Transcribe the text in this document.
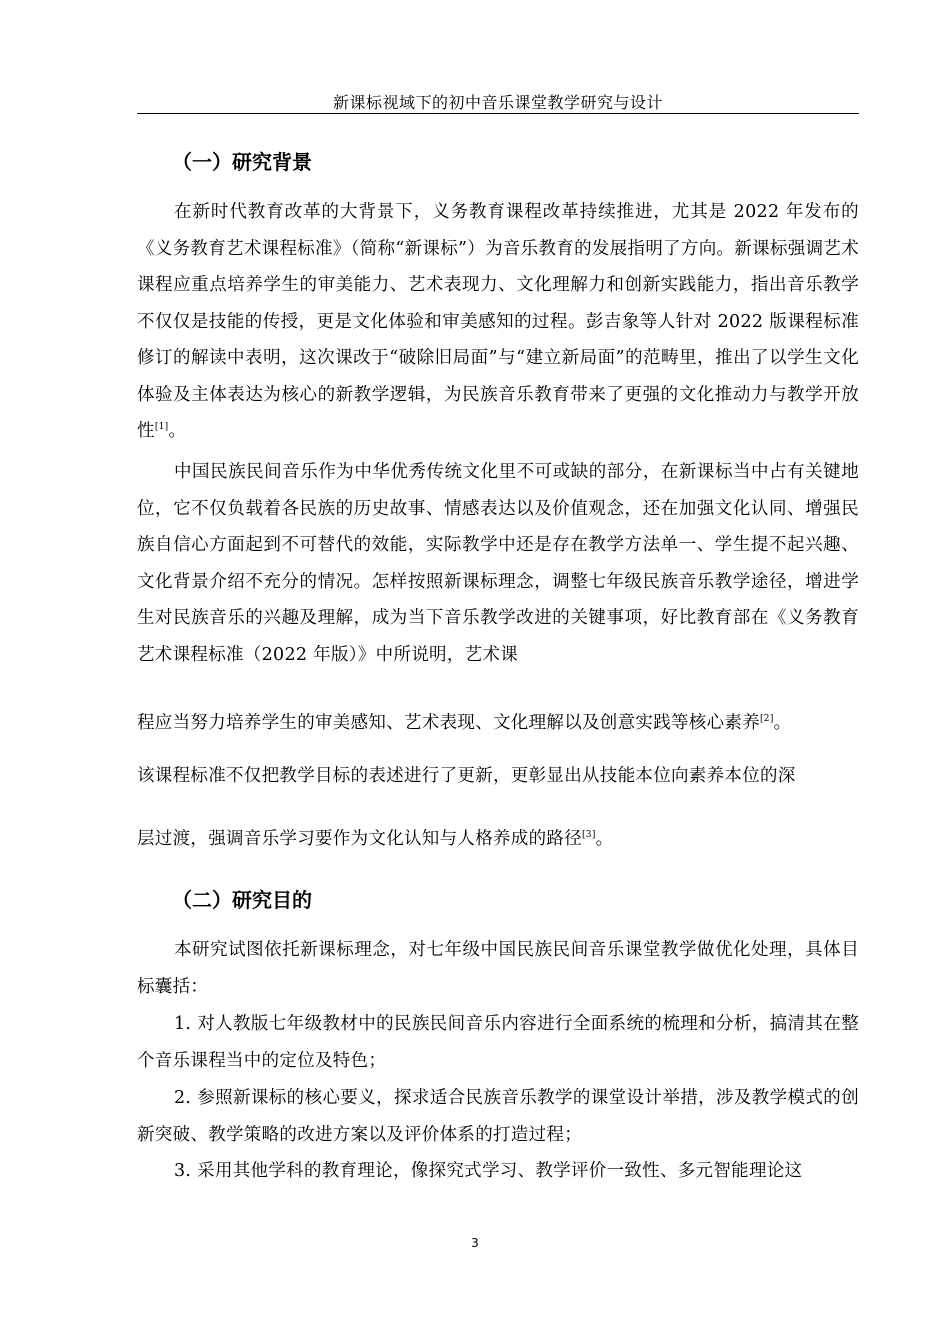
新课标视域下的初中音乐课堂教学研究与设计
（一）研究背景
在新时代教育改革的大背景下，义务教育课程改革持续推进，尤其是 2022 年发布的《义务教育艺术课程标准》（简称“新课标”）为音乐教育的发展指明了方向。新课标强调艺术课程应重点培养学生的审美能力、艺术表现力、文化理解力和创新实践能力，指出音乐教学不仅仅是技能的传授，更是文化体验和审美感知的过程。彭吉象等人针对 2022 版课程标准修订的解读中表明，这次课改于“破除旧局面”与“建立新局面”的范畴里，推出了以学生文化体验及主体表达为核心的新教学逻辑，为民族音乐教育带来了更强的文化推动力与教学开放性[1]。
中国民族民间音乐作为中华优秀传统文化里不可或缺的部分，在新课标当中占有关键地位，它不仅负载着各民族的历史故事、情感表达以及价值观念，还在加强文化认同、增强民族自信心方面起到不可替代的效能，实际教学中还是存在教学方法单一、学生提不起兴趣、文化背景介绍不充分的情况。怎样按照新课标理念，调整七年级民族音乐教学途径，增进学生对民族音乐的兴趣及理解，成为当下音乐教学改进的关键事项，好比教育部在《义务教育艺术课程标准（2022 年版）》中所说明，艺术课
程应当努力培养学生的审美感知、艺术表现、文化理解以及创意实践等核心素养[2]。
该课程标准不仅把教学目标的表述进行了更新，更彰显出从技能本位向素养本位的深
层过渡，强调音乐学习要作为文化认知与人格养成的路径[3]。
（二）研究目的
本研究试图依托新课标理念，对七年级中国民族民间音乐课堂教学做优化处理，具体目标囊括：
1. 对人教版七年级教材中的民族民间音乐内容进行全面系统的梳理和分析，搞清其在整个音乐课程当中的定位及特色；
2. 参照新课标的核心要义，探求适合民族音乐教学的课堂设计举措，涉及教学模式的创新突破、教学策略的改进方案以及评价体系的打造过程；
3. 采用其他学科的教育理论，像探究式学习、教学评价一致性、多元智能理论这
3
